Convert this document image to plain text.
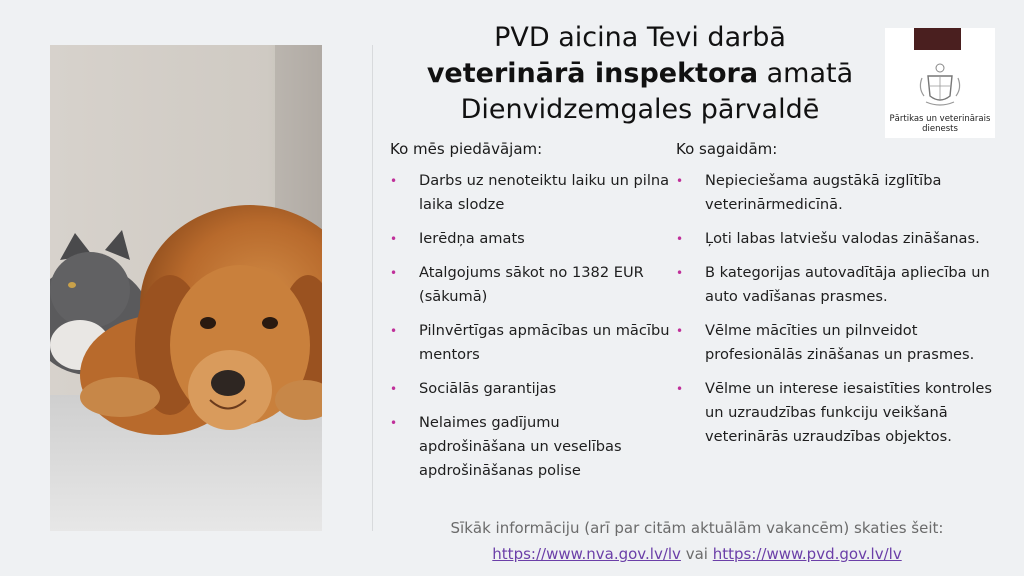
PVD aicina Tevi darbā
veterinārā inspektora amatā
Dienvidzemgales pārvaldē	Pārtikas un veterinārais dienests
Ko mēs piedāvājam:
• Darbs uz nenoteiktu laiku un pilna laika slodze
• Ierēdņa amats
• Atalgojums sākot no 1382 EUR (sākumā)
• Pilnvērtīgas apmācības un mācību mentors
• Sociālās garantijas
• Nelaimes gadījumu apdrošināšana un veselības apdrošināšanas polise
Ko sagaidām:
• Nepieciešama augstākā izglītība veterinārmedicīnā.
• Ļoti labas latviešu valodas zināšanas.
• B kategorijas autovadītāja apliecība un auto vadīšanas prasmes.
• Vēlme mācīties un pilnveidot profesionālās zināšanas un prasmes.
• Vēlme un interese iesaistīties kontroles un uzraudzības funkciju veikšanā veterinārās uzraudzības objektos.
Sīkāk informāciju (arī par citām aktuālām vakancēm) skaties šeit:
https://www.nva.gov.lv/lv vai https://www.pvd.gov.lv/lv
